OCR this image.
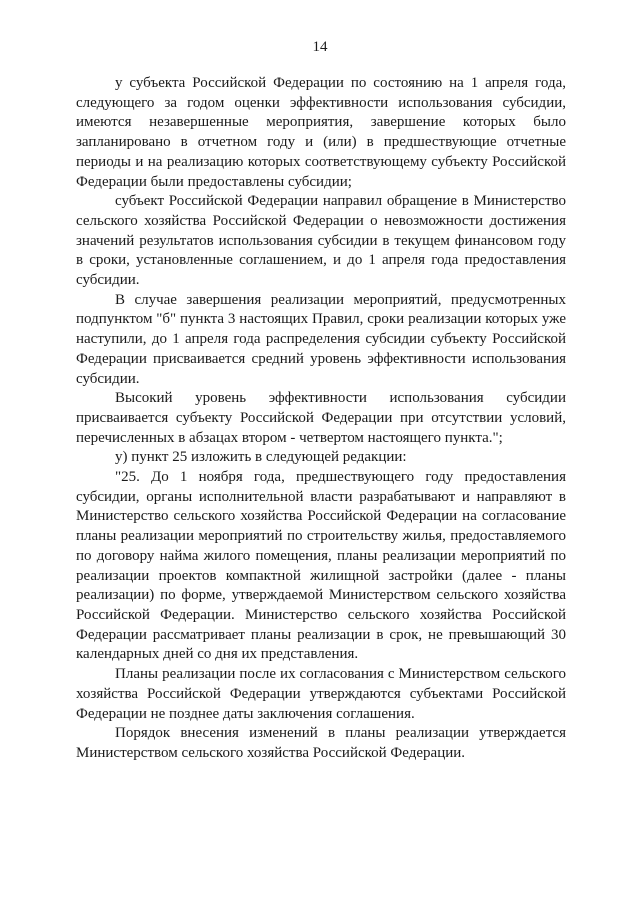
14

у субъекта Российской Федерации по состоянию на 1 апреля года, следующего за годом оценки эффективности использования субсидии, имеются незавершенные мероприятия, завершение которых было запланировано в отчетном году и (или) в предшествующие отчетные периоды и на реализацию которых соответствующему субъекту Российской Федерации были предоставлены субсидии;

субъект Российской Федерации направил обращение в Министерство сельского хозяйства Российской Федерации о невозможности достижения значений результатов использования субсидии в текущем финансовом году в сроки, установленные соглашением, и до 1 апреля года предоставления субсидии.

В случае завершения реализации мероприятий, предусмотренных подпунктом "б" пункта 3 настоящих Правил, сроки реализации которых уже наступили, до 1 апреля года распределения субсидии субъекту Российской Федерации присваивается средний уровень эффективности использования субсидии.

Высокий уровень эффективности использования субсидии присваивается субъекту Российской Федерации при отсутствии условий, перечисленных в абзацах втором - четвертом настоящего пункта.";

у) пункт 25 изложить в следующей редакции:

"25. До 1 ноября года, предшествующего году предоставления субсидии, органы исполнительной власти разрабатывают и направляют в Министерство сельского хозяйства Российской Федерации на согласование планы реализации мероприятий по строительству жилья, предоставляемого по договору найма жилого помещения, планы реализации мероприятий по реализации проектов компактной жилищной застройки (далее - планы реализации) по форме, утверждаемой Министерством сельского хозяйства Российской Федерации. Министерство сельского хозяйства Российской Федерации рассматривает планы реализации в срок, не превышающий 30 календарных дней со дня их представления.

Планы реализации после их согласования с Министерством сельского хозяйства Российской Федерации утверждаются субъектами Российской Федерации не позднее даты заключения соглашения.

Порядок внесения изменений в планы реализации утверждается Министерством сельского хозяйства Российской Федерации.
